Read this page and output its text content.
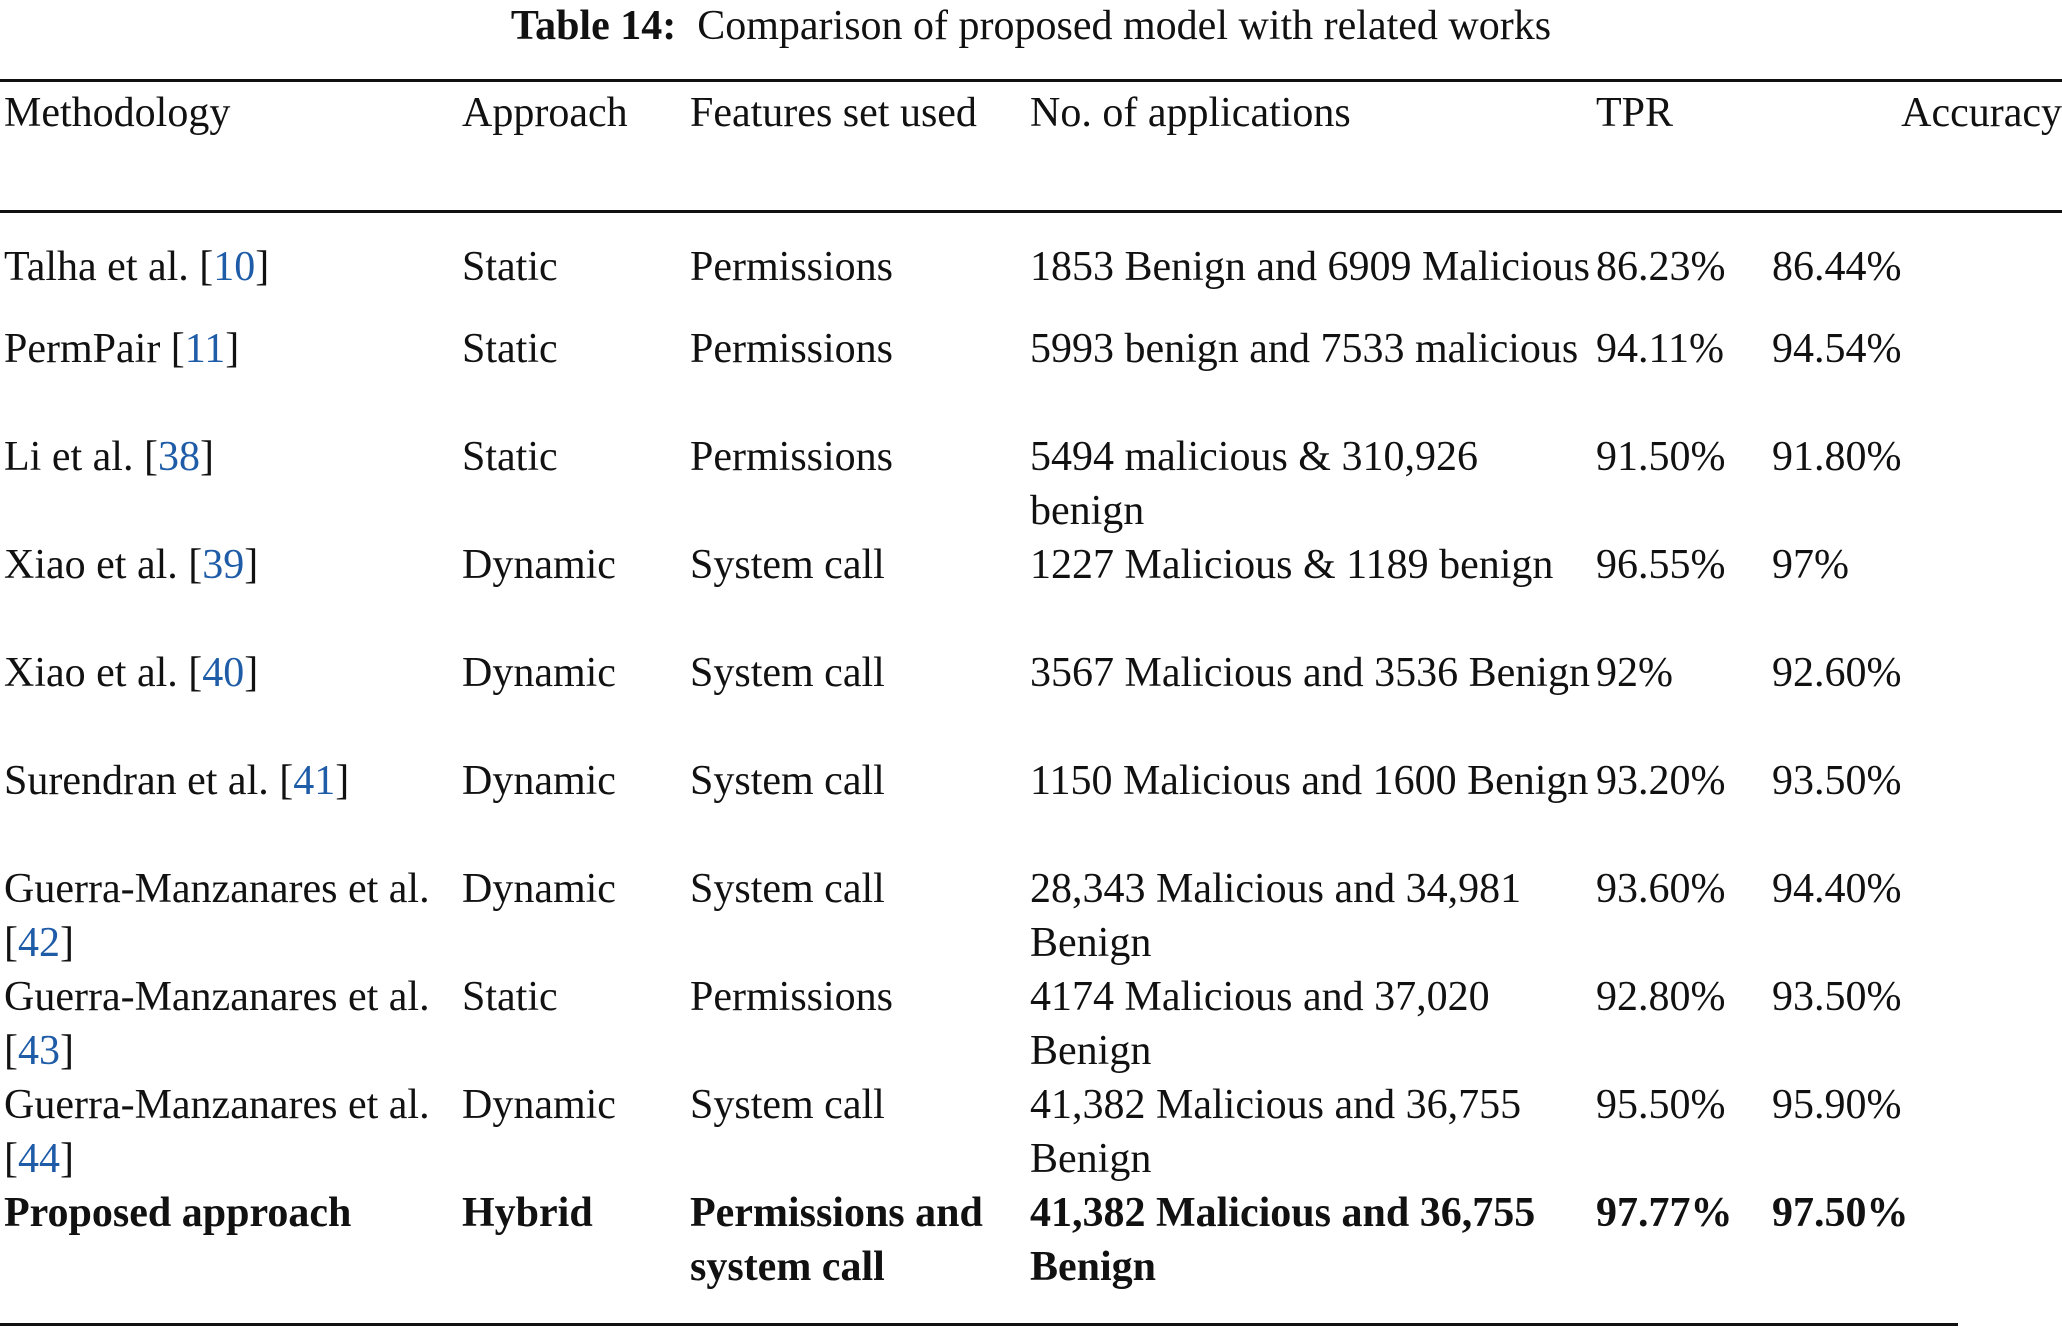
Table 14: Comparison of proposed model with related works
Methodology	Approach	Features set used	No. of applications	TPR	Accuracy
Talha et al. [10]	Static	Permissions	1853 Benign and 6909 Malicious	86.23%	86.44%
PermPair [11]	Static	Permissions	5993 benign and 7533 malicious	94.11%	94.54%
Li et al. [38]	Static	Permissions	5494 malicious & 310,926 benign	91.50%	91.80%
Xiao et al. [39]	Dynamic	System call	1227 Malicious & 1189 benign	96.55%	97%
Xiao et al. [40]	Dynamic	System call	3567 Malicious and 3536 Benign	92%	92.60%
Surendran et al. [41]	Dynamic	System call	1150 Malicious and 1600 Benign	93.20%	93.50%
Guerra-Manzanares et al. [42]	Dynamic	System call	28,343 Malicious and 34,981 Benign	93.60%	94.40%
Guerra-Manzanares et al. [43]	Static	Permissions	4174 Malicious and 37,020 Benign	92.80%	93.50%
Guerra-Manzanares et al. [44]	Dynamic	System call	41,382 Malicious and 36,755 Benign	95.50%	95.90%
Proposed approach	Hybrid	Permissions and system call	41,382 Malicious and 36,755 Benign	97.77%	97.50%
